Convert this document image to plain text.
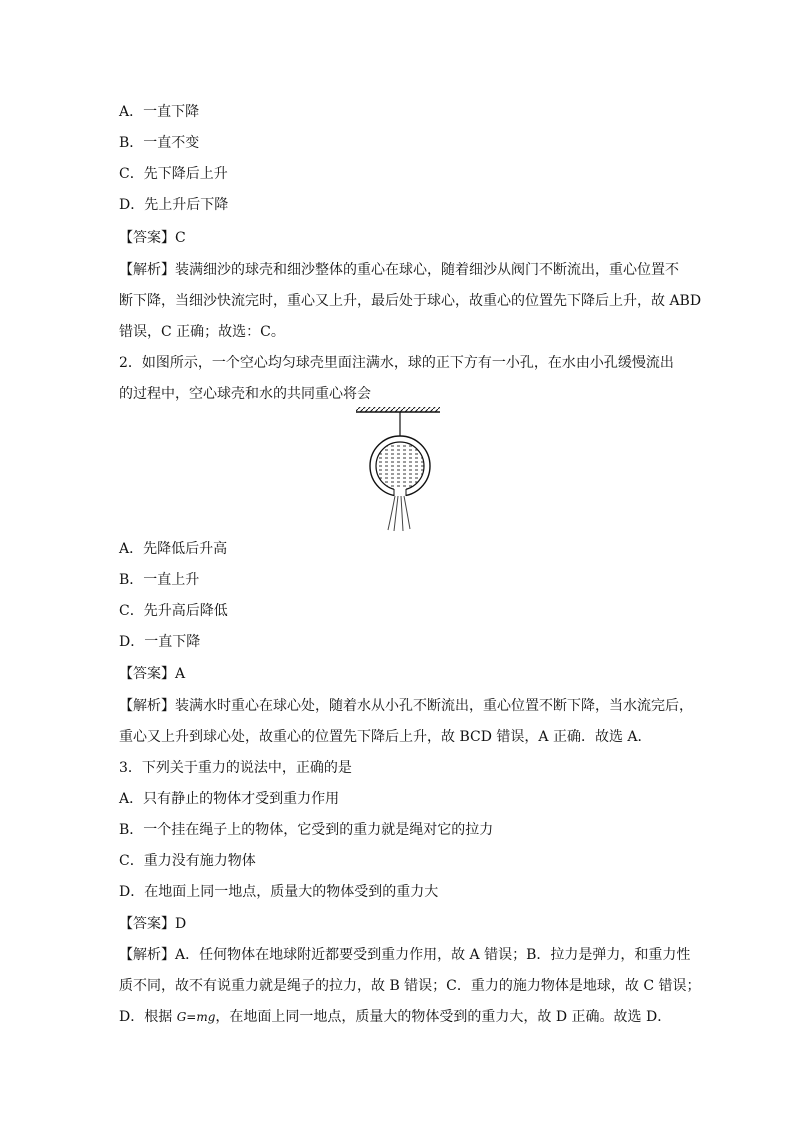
A．一直下降
B．一直不变
C．先下降后上升
D．先上升后下降
【答案】C
【解析】装满细沙的球壳和细沙整体的重心在球心，随着细沙从阀门不断流出，重心位置不
断下降，当细沙快流完时，重心又上升，最后处于球心，故重心的位置先下降后上升，故 ABD
错误，C 正确；故选：C。
2．如图所示，一个空心均匀球壳里面注满水，球的正下方有一小孔，在水由小孔缓慢流出
的过程中，空心球壳和水的共同重心将会
A．先降低后升高
B．一直上升
C．先升高后降低
D．一直下降
【答案】A
【解析】装满水时重心在球心处，随着水从小孔不断流出，重心位置不断下降，当水流完后，
重心又上升到球心处，故重心的位置先下降后上升，故 BCD 错误，A 正确．故选 A．
3．下列关于重力的说法中，正确的是
A．只有静止的物体才受到重力作用
B．一个挂在绳子上的物体，它受到的重力就是绳对它的拉力
C．重力没有施力物体
D．在地面上同一地点，质量大的物体受到的重力大
【答案】D
【解析】A．任何物体在地球附近都要受到重力作用，故 A 错误；B．拉力是弹力，和重力性
质不同，故不有说重力就是绳子的拉力，故 B 错误；C．重力的施力物体是地球，故 C 错误；
D．根据 G=mg，在地面上同一地点，质量大的物体受到的重力大，故 D 正确。故选 D．
